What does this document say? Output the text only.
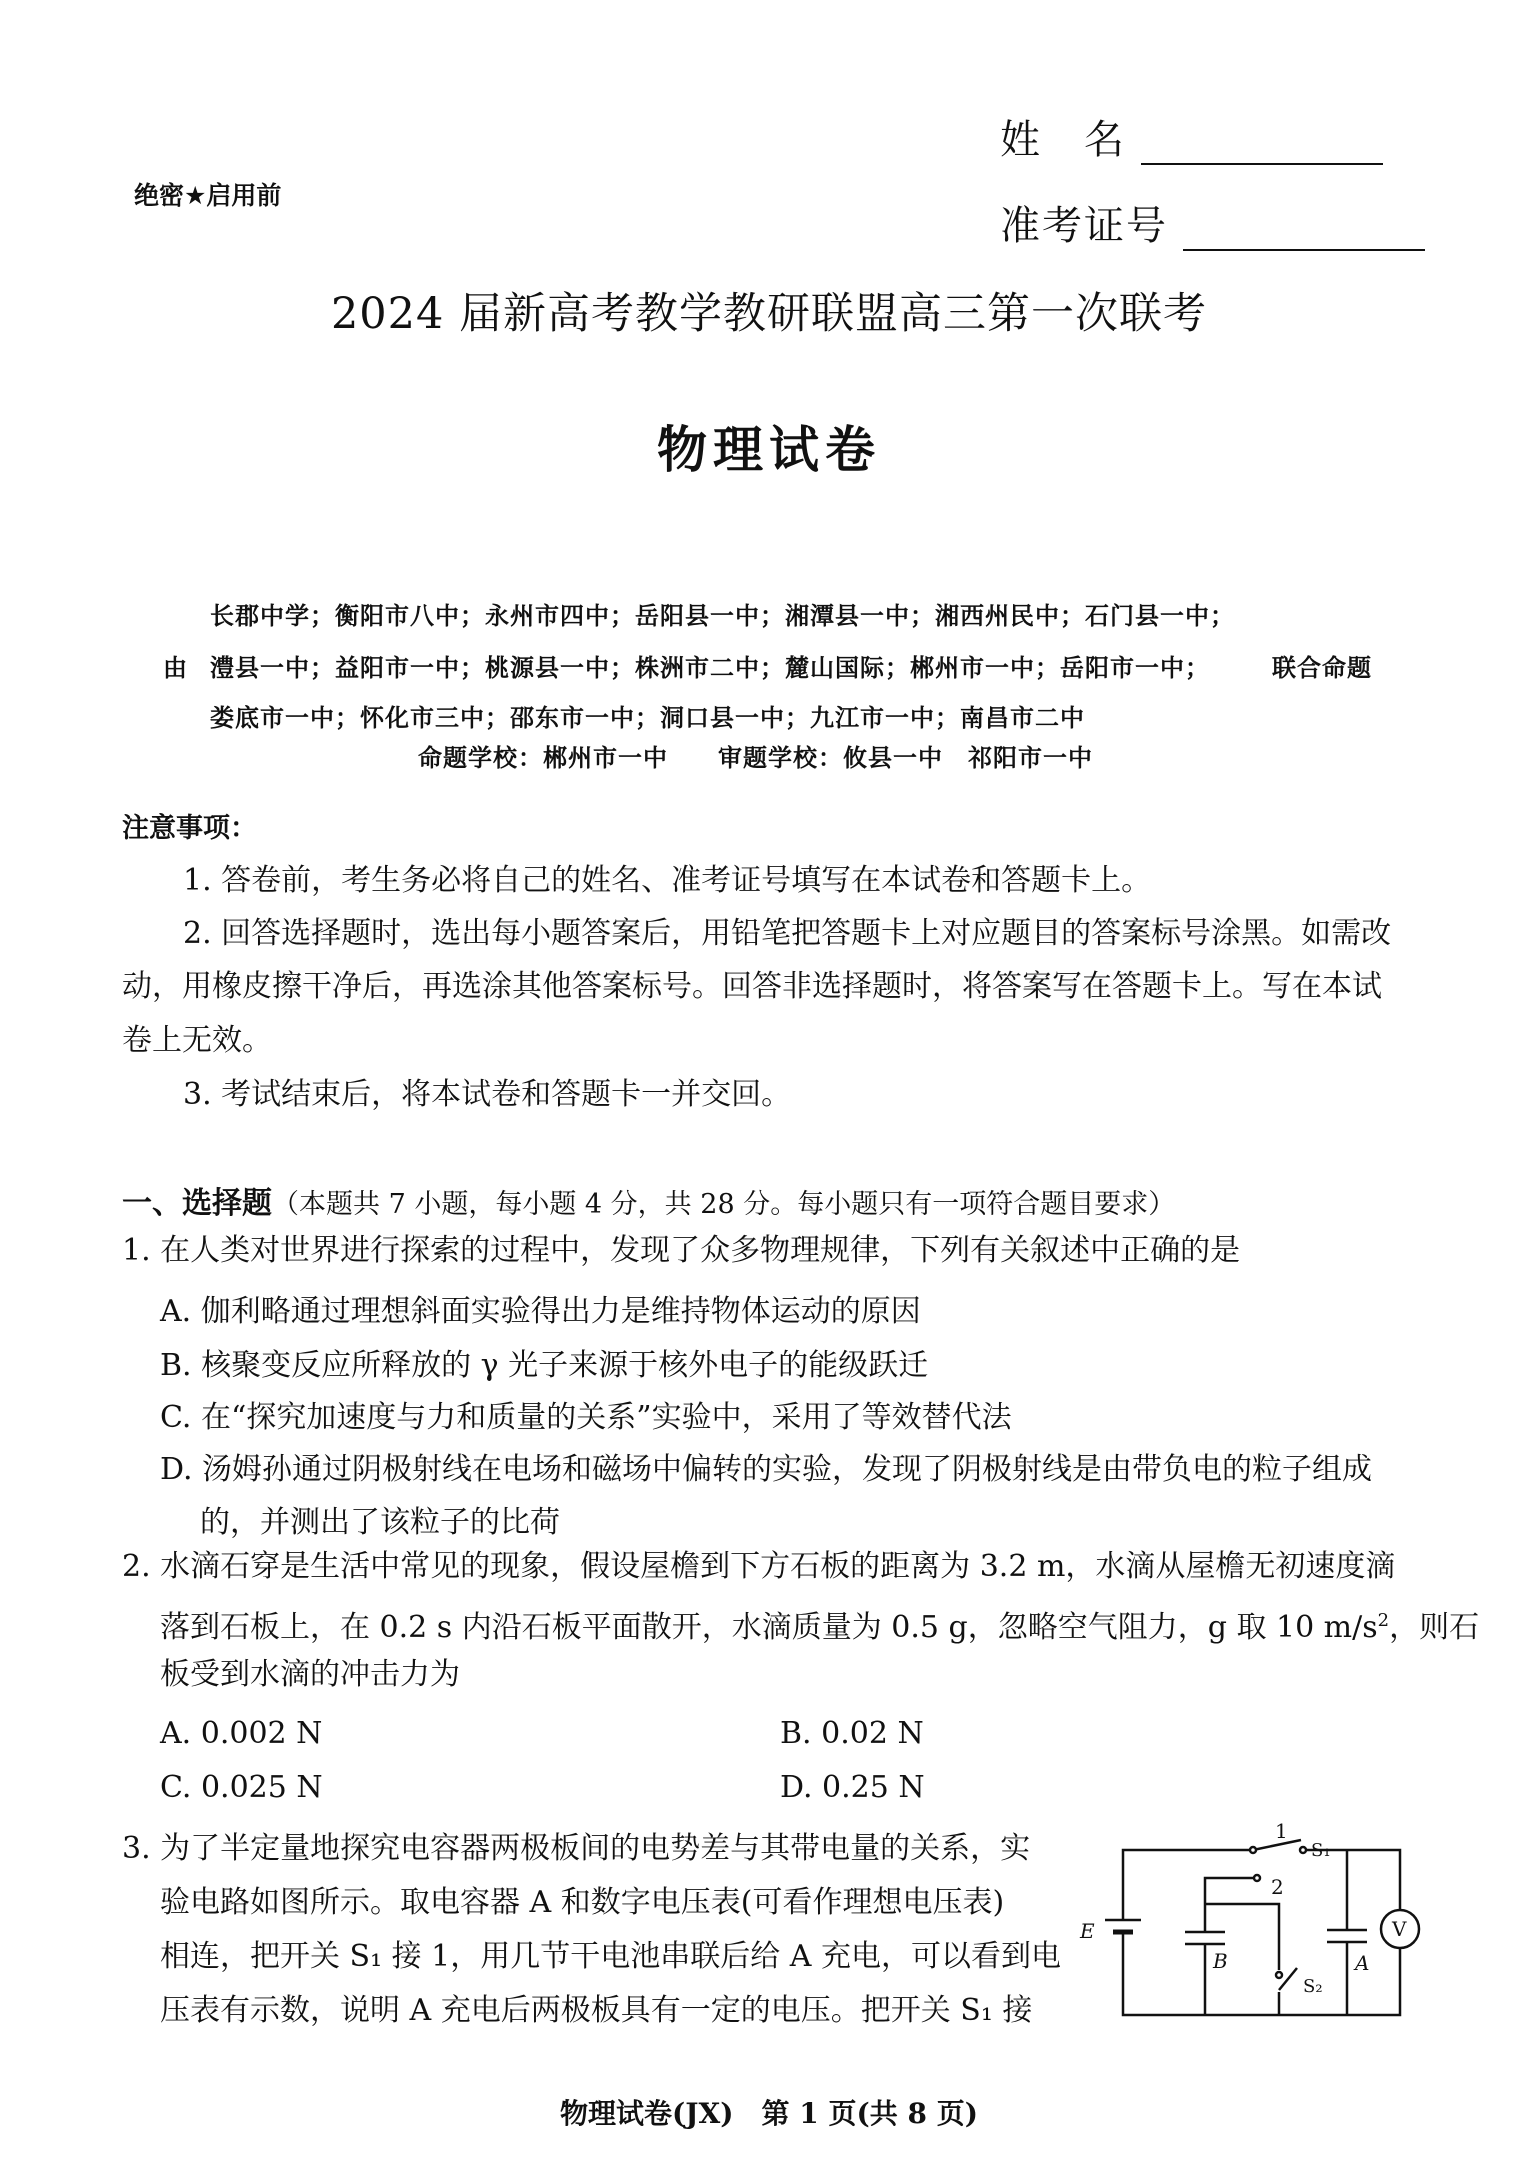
绝密★启用前
姓　名
准考证号
2024 届新高考教学教研联盟高三第一次联考
物理试卷
长郡中学；衡阳市八中；永州市四中；岳阳县一中；湘潭县一中；湘西州民中；石门县一中；
由 澧县一中；益阳市一中；桃源县一中；株洲市二中；麓山国际；郴州市一中；岳阳市一中；	联合命题
娄底市一中；怀化市三中；邵东市一中；洞口县一中；九江市一中；南昌市二中
命题学校：郴州市一中　　审题学校：攸县一中　祁阳市一中
注意事项：
1. 答卷前，考生务必将自己的姓名、准考证号填写在本试卷和答题卡上。
2. 回答选择题时，选出每小题答案后，用铅笔把答题卡上对应题目的答案标号涂黑。如需改
动，用橡皮擦干净后，再选涂其他答案标号。回答非选择题时，将答案写在答题卡上。写在本试
卷上无效。
3. 考试结束后，将本试卷和答题卡一并交回。
一、选择题（本题共 7 小题，每小题 4 分，共 28 分。每小题只有一项符合题目要求）
1. 在人类对世界进行探索的过程中，发现了众多物理规律，下列有关叙述中正确的是
A. 伽利略通过理想斜面实验得出力是维持物体运动的原因
B. 核聚变反应所释放的 γ 光子来源于核外电子的能级跃迁
C. 在“探究加速度与力和质量的关系”实验中，采用了等效替代法
D. 汤姆孙通过阴极射线在电场和磁场中偏转的实验，发现了阴极射线是由带负电的粒子组成
的，并测出了该粒子的比荷
2. 水滴石穿是生活中常见的现象，假设屋檐到下方石板的距离为 3.2 m，水滴从屋檐无初速度滴
落到石板上，在 0.2 s 内沿石板平面散开，水滴质量为 0.5 g，忽略空气阻力，g 取 10 $m/s^2$，则石
板受到水滴的冲击力为
A. 0.002 N	B. 0.02 N
C. 0.025 N	D. 0.25 N
3. 为了半定量地探究电容器两极板间的电势差与其带电量的关系，实
验电路如图所示。取电容器 A 和数字电压表(可看作理想电压表)
相连，把开关 S₁ 接 1，用几节干电池串联后给 A 充电，可以看到电
压表有示数，说明 A 充电后两极板具有一定的电压。把开关 S₁ 接
1
S₁
2
S₂
E
B	A
V
物理试卷(JX)　第 1 页(共 8 页)
